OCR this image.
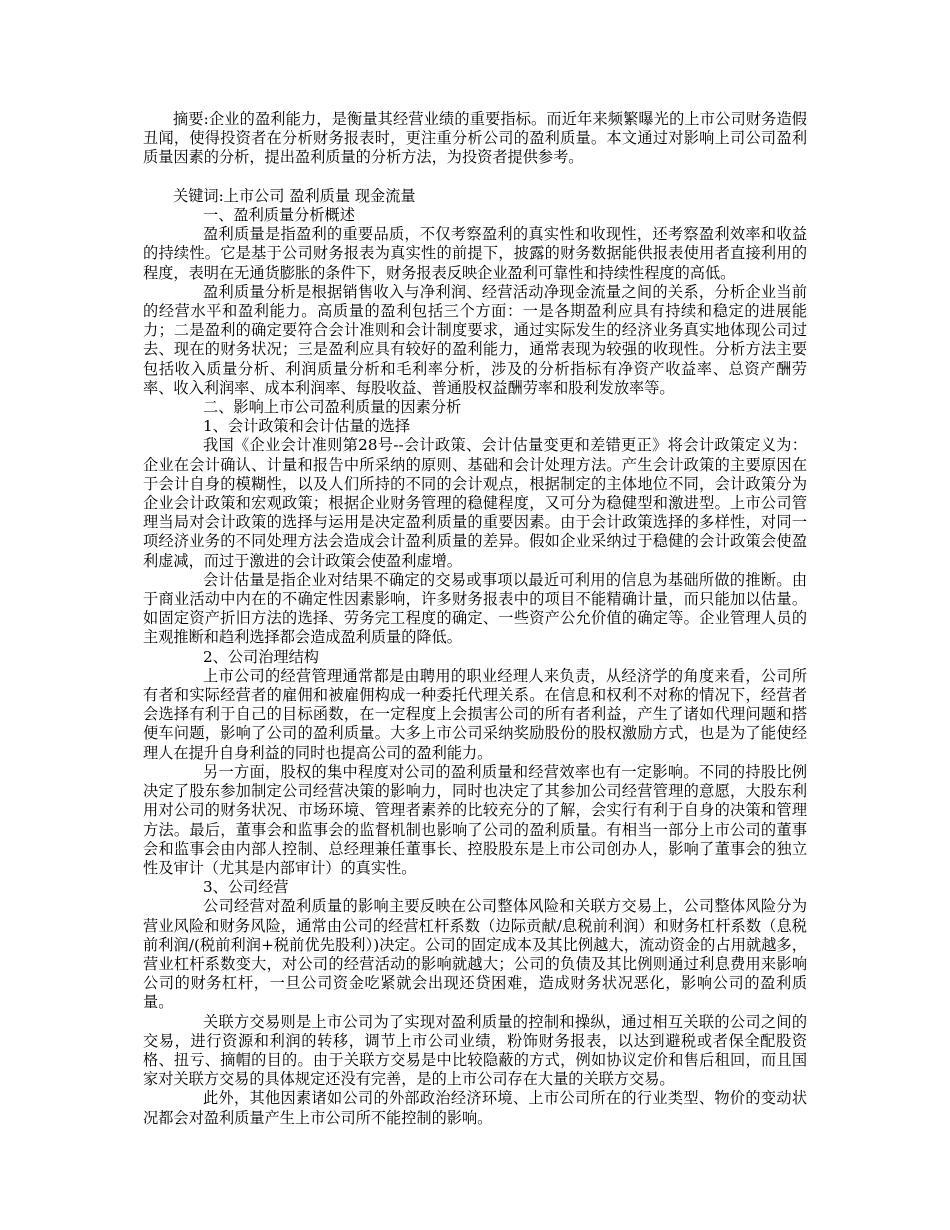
摘要:企业的盈利能力，是衡量其经营业绩的重要指标。而近年来频繁曝光的上市公司财务造假丑闻，使得投资者在分析财务报表时，更注重分析公司的盈利质量。本文通过对影响上司公司盈利质量因素的分析，提出盈利质量的分析方法，为投资者提供参考。

关键词:上市公司 盈利质量 现金流量

一、盈利质量分析概述

盈利质量是指盈利的重要品质，不仅考察盈利的真实性和收现性，还考察盈利效率和收益的持续性。它是基于公司财务报表为真实性的前提下，披露的财务数据能供报表使用者直接利用的程度，表明在无通货膨胀的条件下，财务报表反映企业盈利可靠性和持续性程度的高低。

盈利质量分析是根据销售收入与净利润、经营活动净现金流量之间的关系，分析企业当前的经营水平和盈利能力。高质量的盈利包括三个方面：一是各期盈利应具有持续和稳定的进展能力；二是盈利的确定要符合会计准则和会计制度要求，通过实际发生的经济业务真实地体现公司过去、现在的财务状况；三是盈利应具有较好的盈利能力，通常表现为较强的收现性。分析方法主要包括收入质量分析、利润质量分析和毛利率分析，涉及的分析指标有净资产收益率、总资产酬劳率、收入利润率、成本利润率、每股收益、普通股权益酬劳率和股利发放率等。

二、影响上市公司盈利质量的因素分析

1、会计政策和会计估量的选择

我国《企业会计准则第28号--会计政策、会计估量变更和差错更正》将会计政策定义为：企业在会计确认、计量和报告中所采纳的原则、基础和会计处理方法。产生会计政策的主要原因在于会计自身的模糊性，以及人们所持的不同的会计观点，根据制定的主体地位不同，会计政策分为企业会计政策和宏观政策；根据企业财务管理的稳健程度，又可分为稳健型和激进型。上市公司管理当局对会计政策的选择与运用是决定盈利质量的重要因素。由于会计政策选择的多样性，对同一项经济业务的不同处理方法会造成会计盈利质量的差异。假如企业采纳过于稳健的会计政策会使盈利虚减，而过于激进的会计政策会使盈利虚增。

会计估量是指企业对结果不确定的交易或事项以最近可利用的信息为基础所做的推断。由于商业活动中内在的不确定性因素影响，许多财务报表中的项目不能精确计量，而只能加以估量。如固定资产折旧方法的选择、劳务完工程度的确定、一些资产公允价值的确定等。企业管理人员的主观推断和趋利选择都会造成盈利质量的降低。

2、公司治理结构

上市公司的经营管理通常都是由聘用的职业经理人来负责，从经济学的角度来看，公司所有者和实际经营者的雇佣和被雇佣构成一种委托代理关系。在信息和权利不对称的情况下，经营者会选择有利于自己的目标函数，在一定程度上会损害公司的所有者利益，产生了诸如代理问题和搭便车问题，影响了公司的盈利质量。大多上市公司采纳奖励股份的股权激励方式，也是为了能使经理人在提升自身利益的同时也提高公司的盈利能力。

另一方面，股权的集中程度对公司的盈利质量和经营效率也有一定影响。不同的持股比例决定了股东参加制定公司经营决策的影响力，同时也决定了其参加公司经营管理的意愿，大股东利用对公司的财务状况、市场环境、管理者素养的比较充分的了解，会实行有利于自身的决策和管理方法。最后，董事会和监事会的监督机制也影响了公司的盈利质量。有相当一部分上市公司的董事会和监事会由内部人控制、总经理兼任董事长、控股股东是上市公司创办人，影响了董事会的独立性及审计（尤其是内部审计）的真实性。

3、公司经营

公司经营对盈利质量的影响主要反映在公司整体风险和关联方交易上，公司整体风险分为营业风险和财务风险，通常由公司的经营杠杆系数（边际贡献/息税前利润）和财务杠杆系数（息税前利润/(税前利润+税前优先股利）)决定。公司的固定成本及其比例越大，流动资金的占用就越多，营业杠杆系数变大，对公司的经营活动的影响就越大；公司的负债及其比例则通过利息费用来影响公司的财务杠杆，一旦公司资金吃紧就会出现还贷困难，造成财务状况恶化，影响公司的盈利质量。

关联方交易则是上市公司为了实现对盈利质量的控制和操纵，通过相互关联的公司之间的交易，进行资源和利润的转移，调节上市公司业绩，粉饰财务报表，以达到避税或者保全配股资格、扭亏、摘帽的目的。由于关联方交易是中比较隐蔽的方式，例如协议定价和售后租回，而且国家对关联方交易的具体规定还没有完善，是的上市公司存在大量的关联方交易。

此外，其他因素诸如公司的外部政治经济环境、上市公司所在的行业类型、物价的变动状况都会对盈利质量产生上市公司所不能控制的影响。
